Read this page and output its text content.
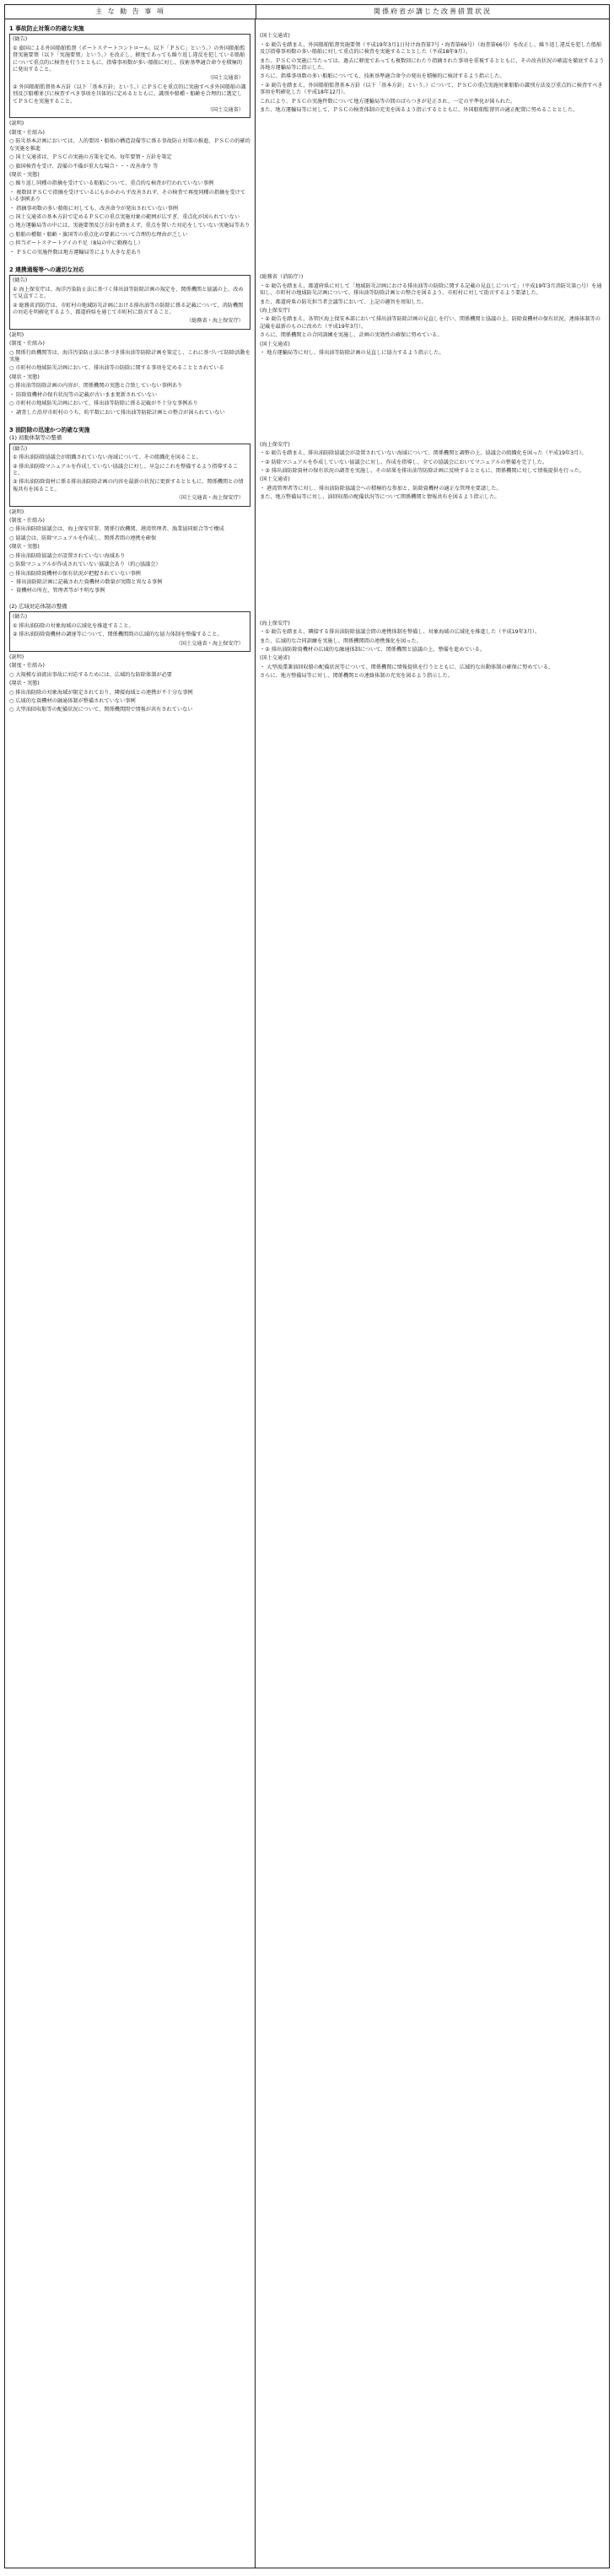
主 な 勧 告 事 項	関係府省が講じた改善措置状況
1 事故防止対策の的確な実施
(勧告)
① 旗国による外国船舶監督（ポートステートコントロール。以下「ＰＳＣ」という。）の外国船舶監督実施要領（以下「実施要領」という。）を改正し、軽度であっても繰り返し違反を犯している船舶について重点的に検査を行うとともに、指導事項数が多い船舶に対し、技術基準適合命令を積極的に発出すること。
（国土交通省）
② 外国船舶監督基本方針（以下「基本方針」という。）にＰＳＣを重点的に実施すべき外国船舶の識別及び船種並びに検査すべき事項を具体的に定めるとともに、識別や船種・船齢を合理的に選定してＰＳＣを実施すること。
（国土交通省）
(説明)
(制度・仕組み)
○ 防災基本計画においては、人的要因・船舶の構造設備等に係る事故防止対策の推進、ＰＳＣの的確的な実施を推進
○ 国土交通省は、ＰＳＣの実施の方策を定め、毎年要領・方針を策定
○ 旗国検査を受け、設備の不備が重大な場合・・・改善命令 等
(現状・実態)
○ 繰り返し同種の指摘を受けている船舶について、重点的な検査が行われていない事例
・ 複数回ＰＳＣで指摘を受けているにもかかわらず改善されず、その検査で再度同種の指摘を受けている事例あり
・ 指摘事項数の多い船舶に対しても、改善命令が発出されていない事例
○ 国土交通省の基本方針で定めるＰＳＣの重点実施対象の範囲が広すぎ、重点化が図られていない
○ 地方運輸局等の中には、実施要領及び方針を踏まえず、重点を置いた対応をしていない実施局等あり
○ 船舶の種類・船齢・旗国等の重点化の要素について合理的な理由が乏しい
○ 担当ポートステートアイの不足（8局の中に勤務なし）
・ ＰＳＣの実施件数は地方運輸局等により大きな差あり
2 連携通報等への適切な対応
(勧告)
① 海上保安庁は、海洋汚染防止法に基づく排出油等防除計画の規定を、関係機関と協議の上、改めて見直すこと。
② 総務省消防庁は、市町村の地域防災計画における排出油等の防除に係る記載について、消防機関の対応を明確化するよう、都道府県を通じて市町村に助言すること。
（総務省・海上保安庁）
(説明)
(制度・仕組み)
○ 関係行政機関等は、海洋汚染防止法に基づき排出油等防除計画を策定し、これに基づいて防除活動を実施
○ 市町村の地域防災計画において、排出油等の防除に関する事項を定めることとされている
(現状・実態)
○ 排出油等防除計画の内容が、関係機関の実態と合致していない事例あり
・ 防除資機材の保有状況等の記載が古いまま更新されていない
○ 市町村の地域防災計画において、排出油等防除に係る記載が不十分な事例あり
・ 調査した沿岸市町村のうち、約半数において排出油等防除計画との整合が図られていない
3 油防除の迅速かつ的確な実施
(1) 初動体制等の整備
(勧告)
① 排出油防除協議会が組織されていない海域について、その組織化を図ること。
② 排出油防除マニュアルを作成していない協議会に対し、早急にこれを整備するよう指導すること。
③ 排出油防除資材に係る排出油防除計画の内容を最新の状況に更新するとともに、関係機関との情報共有を図ること。
（国土交通省・海上保安庁）
(説明)
(制度・仕組み)
○ 排出油防除協議会は、海上保安官署、関係行政機関、港湾管理者、漁業協同組合等で構成
○ 協議会は、防除マニュアルを作成し、関係者間の連携を確保
(現状・実態)
○ 排出油防除協議会が設置されていない海域あり
○ 防除マニュアルが作成されていない協議会あり（約○協議会）
○ 排出油防除資機材の保有状況が把握されていない事例
・ 排出油防除計画に記載された資機材の数量が実際と異なる事例
・ 資機材の所在、管理者等が不明な事例
(2) 広域対応体制の整備
(勧告)
① 排出油防除の対象海域の広域化を推進すること。
② 排出油防除資機材の調達等について、関係機関間の広域的な協力体制を整備すること。
（国土交通省・海上保安庁）
(説明)
(制度・仕組み)
○ 大規模な油流出事故に対応するためには、広域的な防除体制が必要
(現状・実態)
○ 排出油防除の対象海域が限定されており、隣接海域との連携が不十分な事例
○ 広域的な資機材の融通体制が整備されていない事例
○ 大型油回収船等の配備状況について、関係機関間で情報が共有されていない

(国土交通省)
・① 勧告を踏まえ、外国船舶監督実施要領（平成19年3月1日付け海査第7号・海査第69号）（海査第66号）を改正し、繰り返し違反を犯した船舶及び指導事項数の多い船舶に対して重点的に検査を実施することとした（平成18年9月）。
また、ＰＳＣの実施に当たっては、過去に軽度であっても複数回にわたり指摘された事項を重視するとともに、その改善状況の確認を徹底するよう各地方運輸局等に指示した。
さらに、指導事項数の多い船舶についても、技術基準適合命令の発出を積極的に検討するよう指示した。
・② 勧告を踏まえ、外国船舶監督基本方針（以下「基本方針」という。）について、ＰＳＣの重点実施対象船舶の識別方法及び重点的に検査すべき事項を明確化した（平成18年12月）。
これにより、ＰＳＣの実施件数について地方運輸局等の間のばらつきが是正され、一定の平準化が図られた。
また、地方運輸局等に対して、ＰＳＣの検査体制の充実を図るよう指示するとともに、外国船舶監督官の適正配置に努めることとした。

(総務省（消防庁）)
・① 勧告を踏まえ、都道府県に対して「地域防災計画における排出油等の防除に関する記載の見直しについて」（平成19年3月消防災第○号）を通知し、市町村の地域防災計画について、排出油等防除計画との整合を図るよう、市町村に対して助言するよう要請した。
また、都道府県の防災担当者会議等において、上記の趣旨を周知した。
(海上保安庁)
・② 勧告を踏まえ、各管区海上保安本部において排出油等防除計画の見直しを行い、関係機関と協議の上、防除資機材の保有状況、連絡体制等の記載を最新のものに改めた（平成19年3月）。
さらに、関係機関との合同訓練を実施し、計画の実効性の確保に努めている。
(国土交通省)
・ 地方運輸局等に対し、排出油等防除計画の見直しに協力するよう指示した。

(海上保安庁)
・① 勧告を踏まえ、排出油防除協議会が設置されていない海域について、関係機関と調整の上、協議会の組織化を図った（平成19年3月）。
・② 防除マニュアルを作成していない協議会に対し、作成を指導し、全ての協議会においてマニュアルの整備を完了した。
・③ 排出油防除資材の保有状況の調査を実施し、その結果を排出油等防除計画に反映するとともに、関係機関に対して情報提供を行った。
(国土交通省)
・ 港湾管理者等に対し、排出油防除協議会への積極的な参加と、防除資機材の適正な管理を要請した。
また、地方整備局等に対し、油回収船の配備状況等について関係機関と情報共有を図るよう指示した。

(海上保安庁)
・① 勧告を踏まえ、隣接する排出油防除協議会間の連携体制を整備し、対象海域の広域化を推進した（平成19年3月）。
また、広域的な合同訓練を実施し、関係機関間の連携強化を図った。
・② 排出油防除資機材の広域的な融通体制について、関係機関と協議の上、整備を進めている。
(国土交通省)
・ 大型浚渫兼油回収船の配備状況等について、関係機関に情報提供を行うとともに、広域的な出動体制の確保に努めている。
さらに、地方整備局等に対し、関係機関との連絡体制の充実を図るよう指示した。
